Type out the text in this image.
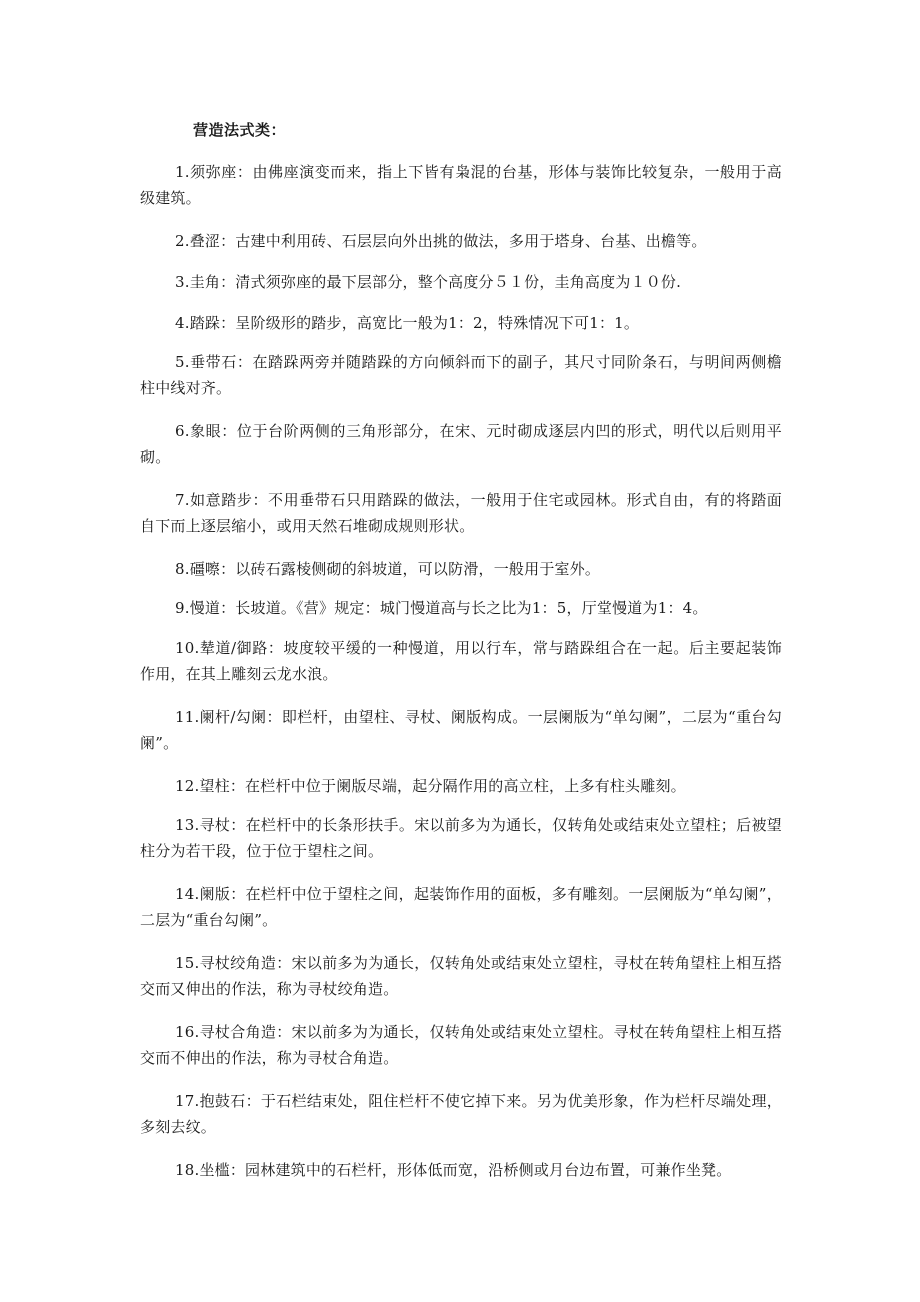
营造法式类：

1.须弥座：由佛座演变而来，指上下皆有枭混的台基，形体与装饰比较复杂，一般用于高级建筑。

2.叠涩：古建中利用砖、石层层向外出挑的做法，多用于塔身、台基、出檐等。

3.圭角：清式须弥座的最下层部分，整个高度分５１份，圭角高度为１０份.

4.踏跺：呈阶级形的踏步，高宽比一般为1：2，特殊情况下可1：1。

5.垂带石：在踏跺两旁并随踏跺的方向倾斜而下的副子，其尺寸同阶条石，与明间两侧檐柱中线对齐。

6.象眼：位于台阶两侧的三角形部分，在宋、元时砌成逐层内凹的形式，明代以后则用平砌。

7.如意踏步：不用垂带石只用踏跺的做法，一般用于住宅或园林。形式自由，有的将踏面自下而上逐层缩小，或用天然石堆砌成规则形状。

8.礓嚓：以砖石露棱侧砌的斜坡道，可以防滑，一般用于室外。

9.慢道：长坡道。《营》规定：城门慢道高与长之比为1：5，厅堂慢道为1：4。

10.辇道/御路：坡度较平缓的一种慢道，用以行车，常与踏跺组合在一起。后主要起装饰作用，在其上雕刻云龙水浪。

11.阑杆/勾阑：即栏杆，由望柱、寻杖、阑版构成。一层阑版为“单勾阑”，二层为“重台勾阑”。

12.望柱：在栏杆中位于阑版尽端，起分隔作用的高立柱，上多有柱头雕刻。

13.寻杖：在栏杆中的长条形扶手。宋以前多为为通长，仅转角处或结束处立望柱；后被望柱分为若干段，位于位于望柱之间。

14.阑版：在栏杆中位于望柱之间，起装饰作用的面板，多有雕刻。一层阑版为“单勾阑”，二层为“重台勾阑”。

15.寻杖绞角造：宋以前多为为通长，仅转角处或结束处立望柱，寻杖在转角望柱上相互搭交而又伸出的作法，称为寻杖绞角造。

16.寻杖合角造：宋以前多为为通长，仅转角处或结束处立望柱。寻杖在转角望柱上相互搭交而不伸出的作法，称为寻杖合角造。

17.抱鼓石：于石栏结束处，阻住栏杆不使它掉下来。另为优美形象，作为栏杆尽端处理，多刻去纹。

18.坐槛：园林建筑中的石栏杆，形体低而宽，沿桥侧或月台边布置，可兼作坐凳。
